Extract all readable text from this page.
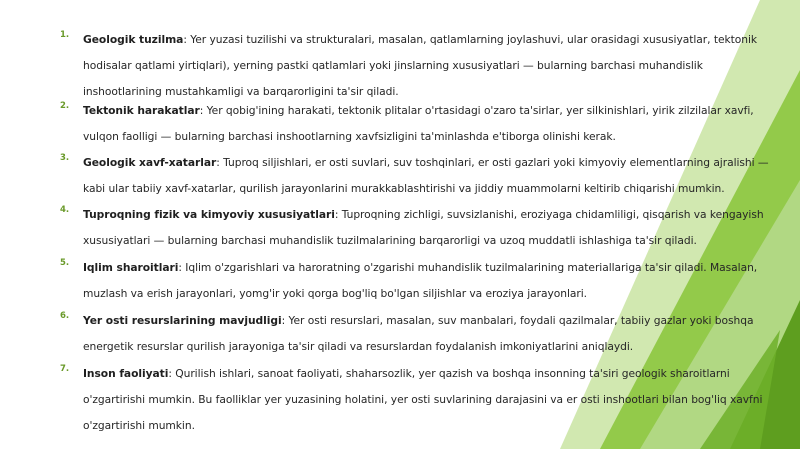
1. Geologik tuzilma: Yer yuzasi tuzilishi va strukturalari, masalan, qatlamlarning joylashuvi, ular orasidagi xususiyatlar, tektonik hodisalar qatlami yirtiqlari), yerning pastki qatlamlari yoki jinslarning xususiyatlari — bularning barchasi muhandislik inshootlarining mustahkamligi va barqarorligini ta'sir qiladi.
2. Tektonik harakatlar: Yer qobig'ining harakati, tektonik plitalar o'rtasidagi o'zaro ta'sirlar, yer silkinishlari, yirik zilzilalar xavfi, vulqon faolligi — bularning barchasi inshootlarning xavfsizligini ta'minlashda e'tiborga olinishi kerak.
3. Geologik xavf-xatarlar: Tuproq siljishlari, er osti suvlari, suv toshqinlari, er osti gazlari yoki kimyoviy elementlarning ajralishi — kabi ular tabiiy xavf-xatarlar, qurilish jarayonlarini murakkablashtirishi va jiddiy muammolarni keltirib chiqarishi mumkin.
4. Tuproqning fizik va kimyoviy xususiyatlari: Tuproqning zichligi, suvsizlanishi, eroziyaga chidamliligi, qisqarish va kengayish xususiyatlari — bularning barchasi muhandislik tuzilmalarining barqarorligi va uzoq muddatli ishlashiga ta'sir qiladi.
5. Iqlim sharoitlari: Iqlim o'zgarishlari va haroratning o'zgarishi muhandislik tuzilmalarining materiallariga ta'sir qiladi. Masalan, muzlash va erish jarayonlari, yomg'ir yoki qorga bog'liq bo'lgan siljishlar va eroziya jarayonlari.
6. Yer osti resurslarining mavjudligi: Yer osti resurslari, masalan, suv manbalari, foydali qazilmalar, tabiiy gazlar yoki boshqa energetik resurslar qurilish jarayoniga ta'sir qiladi va resurslardan foydalanish imkoniyatlarini aniqlaydi.
7. Inson faoliyati: Qurilish ishlari, sanoat faoliyati, shaharsozlik, yer qazish va boshqa insonning ta'siri geologik sharoitlarni o'zgartirishi mumkin. Bu faolliklar yer yuzasining holatini, yer osti suvlarining darajasini va er osti inshootlari bilan bog'liq xavfni o'zgartirishi mumkin.
